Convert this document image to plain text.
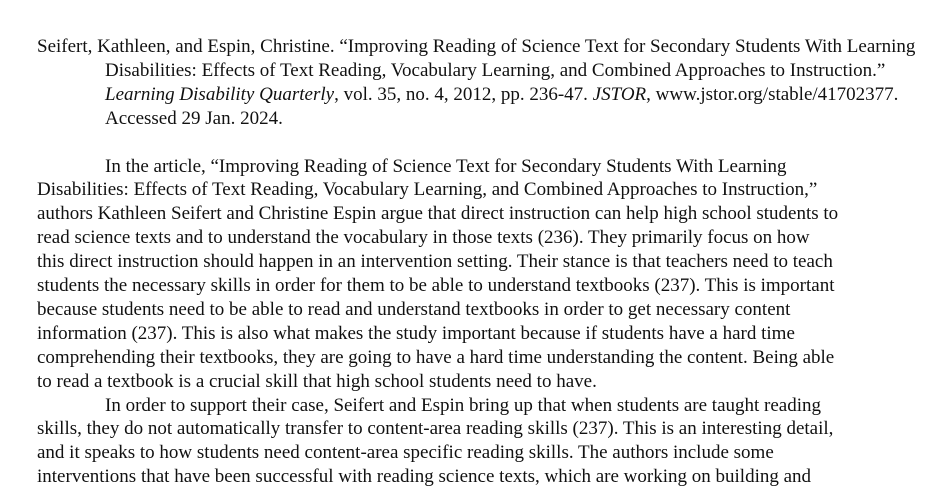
Seifert, Kathleen, and Espin, Christine. “Improving Reading of Science Text for Secondary Students With Learning Disabilities: Effects of Text Reading, Vocabulary Learning, and Combined Approaches to Instruction.” Learning Disability Quarterly, vol. 35, no. 4, 2012, pp. 236-47. JSTOR, www.jstor.org/stable/41702377. Accessed 29 Jan. 2024.

In the article, “Improving Reading of Science Text for Secondary Students With Learning
Disabilities: Effects of Text Reading, Vocabulary Learning, and Combined Approaches to Instruction,”
authors Kathleen Seifert and Christine Espin argue that direct instruction can help high school students to
read science texts and to understand the vocabulary in those texts (236). They primarily focus on how
this direct instruction should happen in an intervention setting. Their stance is that teachers need to teach
students the necessary skills in order for them to be able to understand textbooks (237). This is important
because students need to be able to read and understand textbooks in order to get necessary content
information (237). This is also what makes the study important because if students have a hard time
comprehending their textbooks, they are going to have a hard time understanding the content. Being able
to read a textbook is a crucial skill that high school students need to have.

In order to support their case, Seifert and Espin bring up that when students are taught reading
skills, they do not automatically transfer to content-area reading skills (237). This is an interesting detail,
and it speaks to how students need content-area specific reading skills. The authors include some
interventions that have been successful with reading science texts, which are working on building and
